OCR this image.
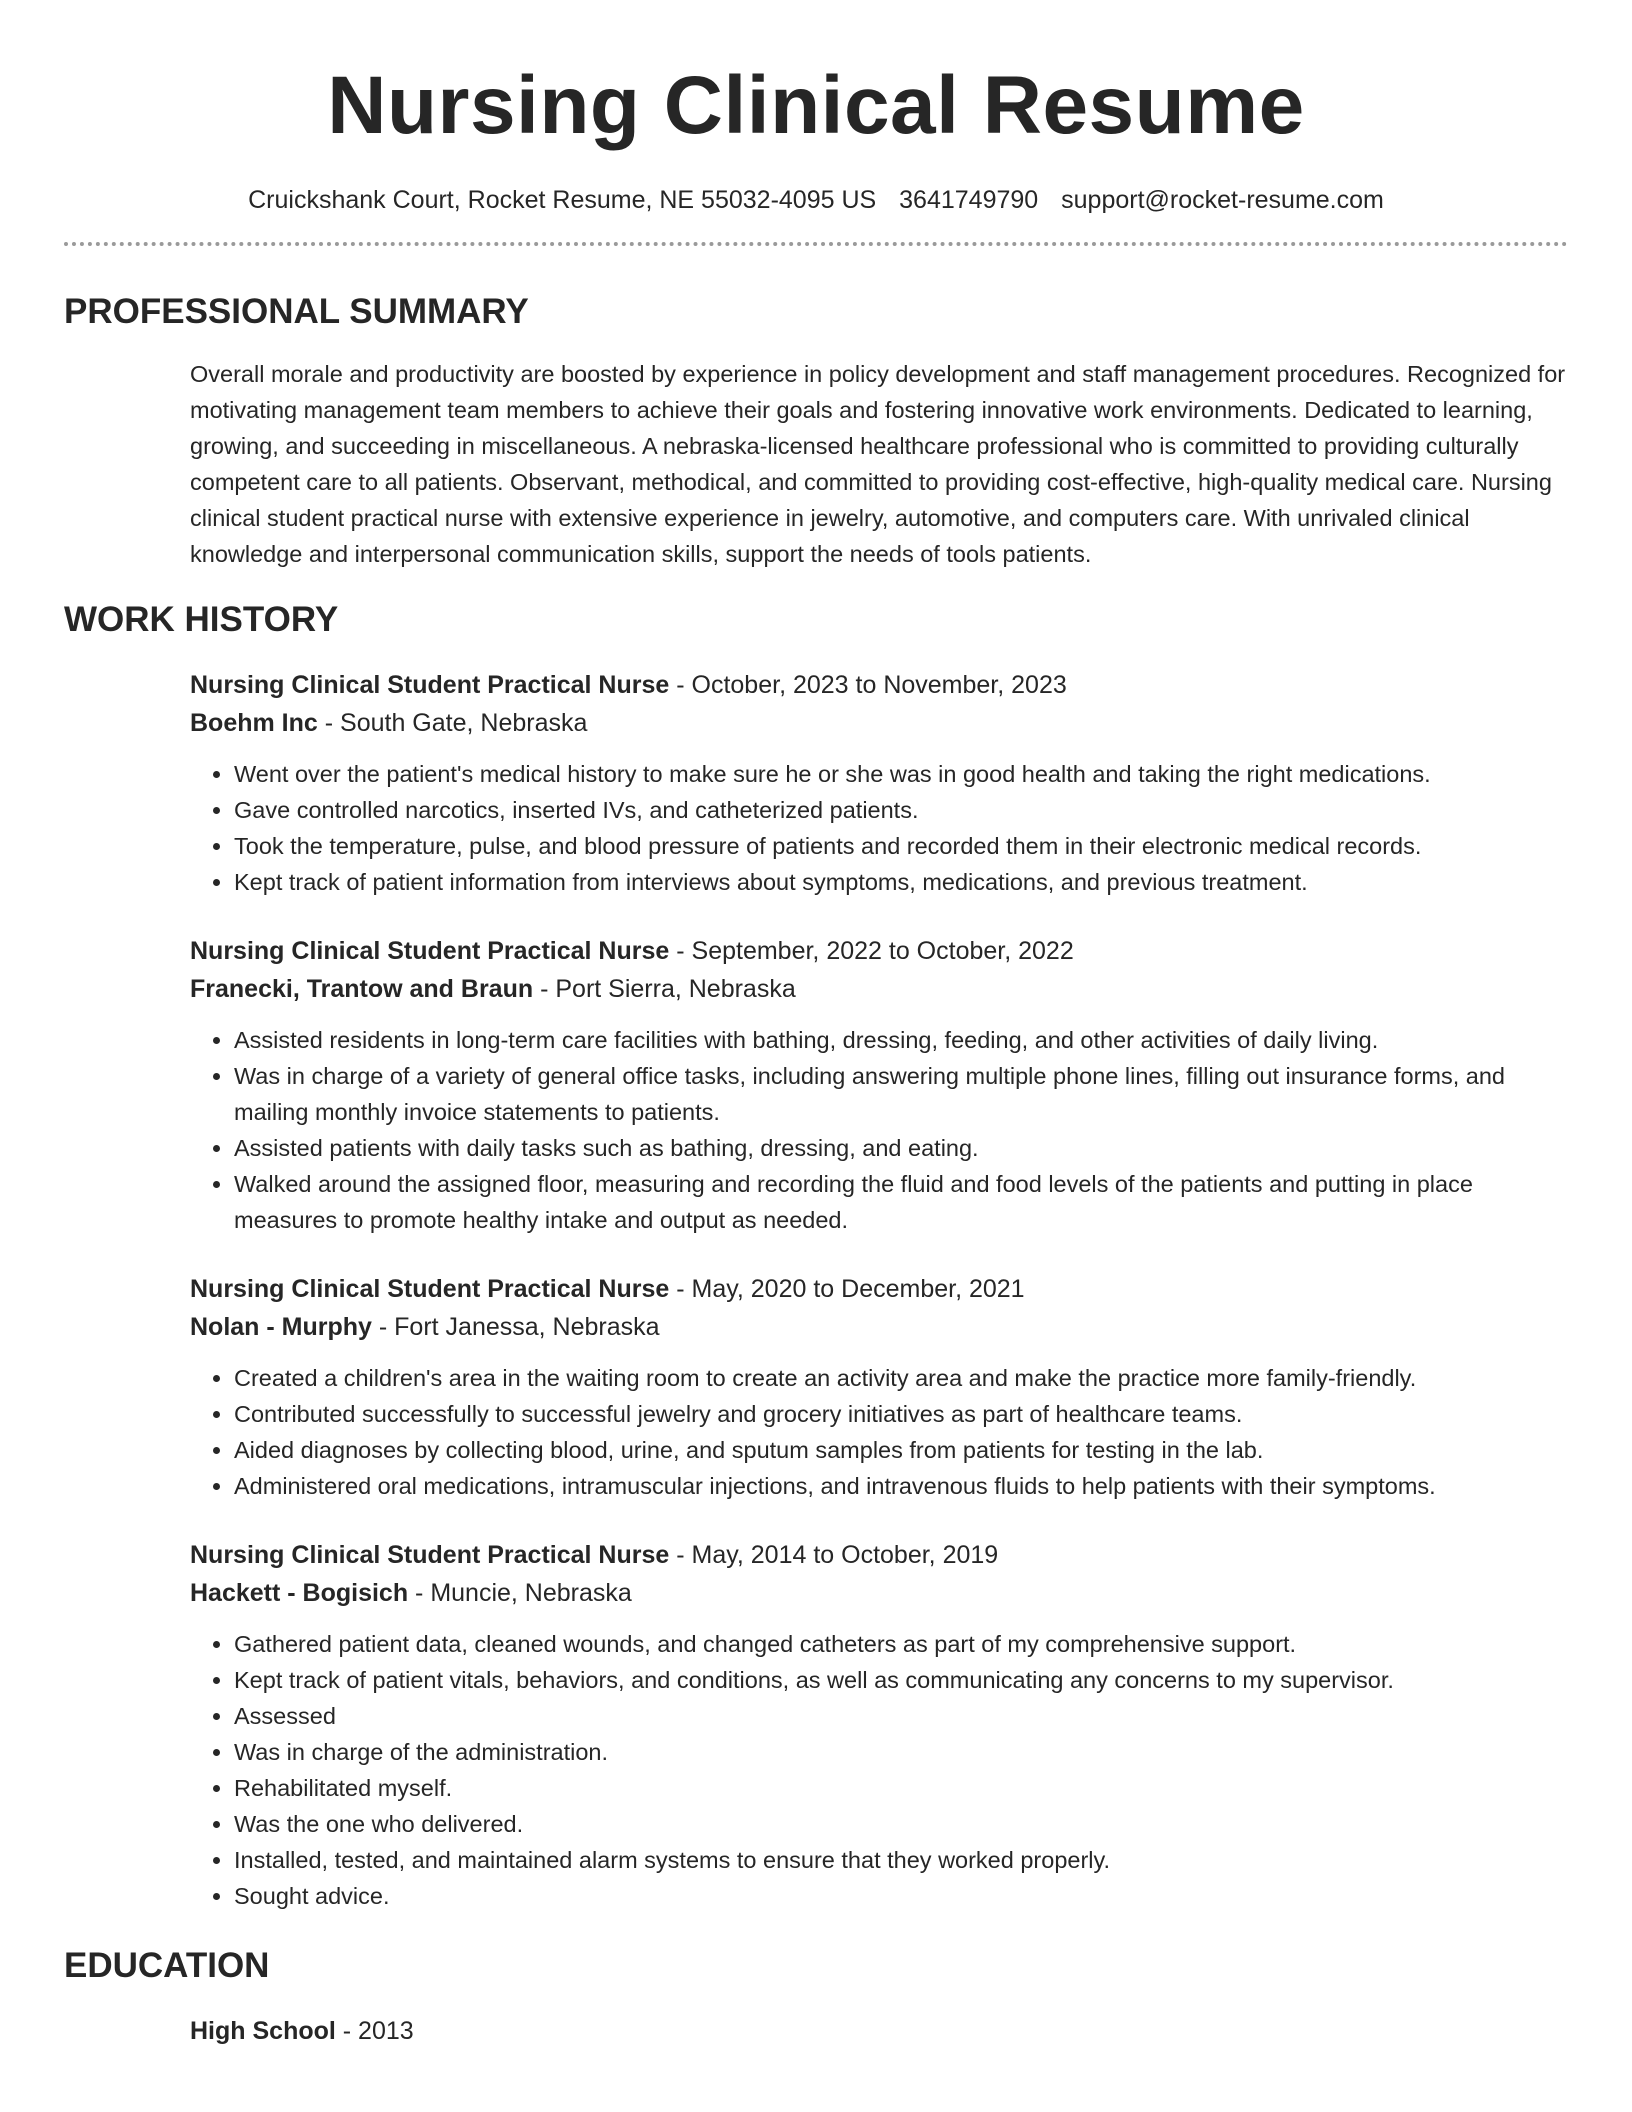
Nursing Clinical Resume
Cruickshank Court, Rocket Resume, NE 55032-4095 US 3641749790 support@rocket-resume.com
PROFESSIONAL SUMMARY

Overall morale and productivity are boosted by experience in policy development and staff management procedures. Recognized for motivating management team members to achieve their goals and fostering innovative work environments. Dedicated to learning, growing, and succeeding in miscellaneous. A nebraska-licensed healthcare professional who is committed to providing culturally competent care to all patients. Observant, methodical, and committed to providing cost-effective, high-quality medical care. Nursing clinical student practical nurse with extensive experience in jewelry, automotive, and computers care. With unrivaled clinical knowledge and interpersonal communication skills, support the needs of tools patients.

WORK HISTORY
Nursing Clinical Student Practical Nurse - October, 2023 to November, 2023
Boehm Inc - South Gate, Nebraska
• Went over the patient's medical history to make sure he or she was in good health and taking the right medications.
• Gave controlled narcotics, inserted IVs, and catheterized patients.
• Took the temperature, pulse, and blood pressure of patients and recorded them in their electronic medical records.
• Kept track of patient information from interviews about symptoms, medications, and previous treatment.
Nursing Clinical Student Practical Nurse - September, 2022 to October, 2022
Franecki, Trantow and Braun - Port Sierra, Nebraska
• Assisted residents in long-term care facilities with bathing, dressing, feeding, and other activities of daily living.
• Was in charge of a variety of general office tasks, including answering multiple phone lines, filling out insurance forms, and mailing monthly invoice statements to patients.
• Assisted patients with daily tasks such as bathing, dressing, and eating.
• Walked around the assigned floor, measuring and recording the fluid and food levels of the patients and putting in place measures to promote healthy intake and output as needed.
Nursing Clinical Student Practical Nurse - May, 2020 to December, 2021
Nolan - Murphy - Fort Janessa, Nebraska
• Created a children's area in the waiting room to create an activity area and make the practice more family-friendly.
• Contributed successfully to successful jewelry and grocery initiatives as part of healthcare teams.
• Aided diagnoses by collecting blood, urine, and sputum samples from patients for testing in the lab.
• Administered oral medications, intramuscular injections, and intravenous fluids to help patients with their symptoms.
Nursing Clinical Student Practical Nurse - May, 2014 to October, 2019
Hackett - Bogisich - Muncie, Nebraska
• Gathered patient data, cleaned wounds, and changed catheters as part of my comprehensive support.
• Kept track of patient vitals, behaviors, and conditions, as well as communicating any concerns to my supervisor.
• Assessed
• Was in charge of the administration.
• Rehabilitated myself.
• Was the one who delivered.
• Installed, tested, and maintained alarm systems to ensure that they worked properly.
• Sought advice.
EDUCATION
High School - 2013
